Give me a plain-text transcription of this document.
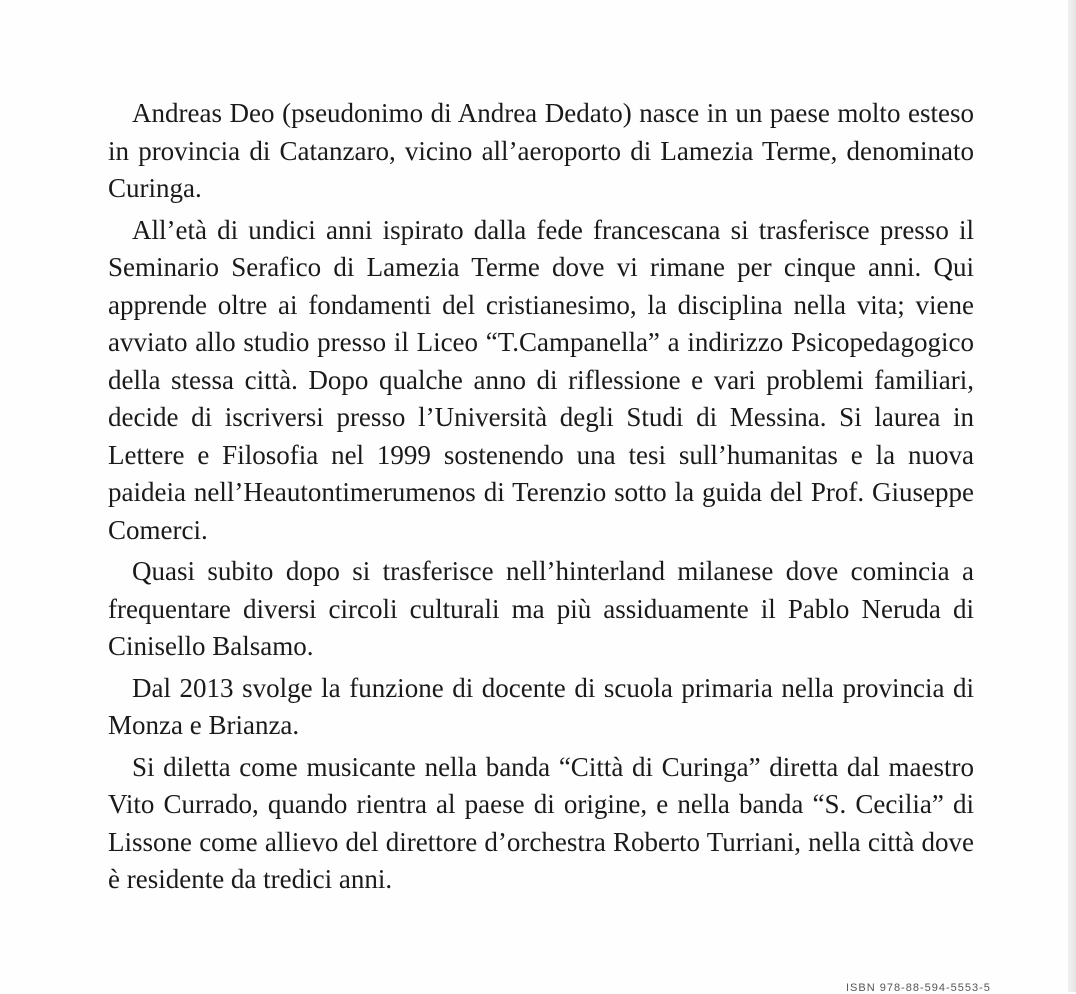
Andreas Deo (pseudonimo di Andrea Dedato) nasce in un paese molto esteso in provincia di Catanzaro, vicino all’aeroporto di Lamezia Terme, denominato Curinga.

All’età di undici anni ispirato dalla fede francescana si trasferisce presso il Seminario Serafico di Lamezia Terme dove vi rimane per cinque anni. Qui apprende oltre ai fondamenti del cristianesimo, la disciplina nella vita; viene avviato allo studio presso il Liceo “T.Campanella” a indirizzo Psicopedagogico della stessa città. Dopo qualche anno di riflessione e vari problemi familiari, decide di iscriversi presso l’Università degli Studi di Messina. Si laurea in Lettere e Filosofia nel 1999 sostenendo una tesi sull’humanitas e la nuova paideia nell’Heautontimerumenos di Terenzio sotto la guida del Prof. Giuseppe Comerci.

Quasi subito dopo si trasferisce nell’hinterland milanese dove comincia a frequentare diversi circoli culturali ma più assiduamente il Pablo Neruda di Cinisello Balsamo.

Dal 2013 svolge la funzione di docente di scuola primaria nella provincia di Monza e Brianza.

Si diletta come musicante nella banda “Città di Curinga” diretta dal maestro Vito Currado, quando rientra al paese di origine, e nella banda “S. Cecilia” di Lissone come allievo del direttore d’orchestra Roberto Turriani, nella città dove è residente da tredici anni.

ISBN 978-88-594-5553-5
